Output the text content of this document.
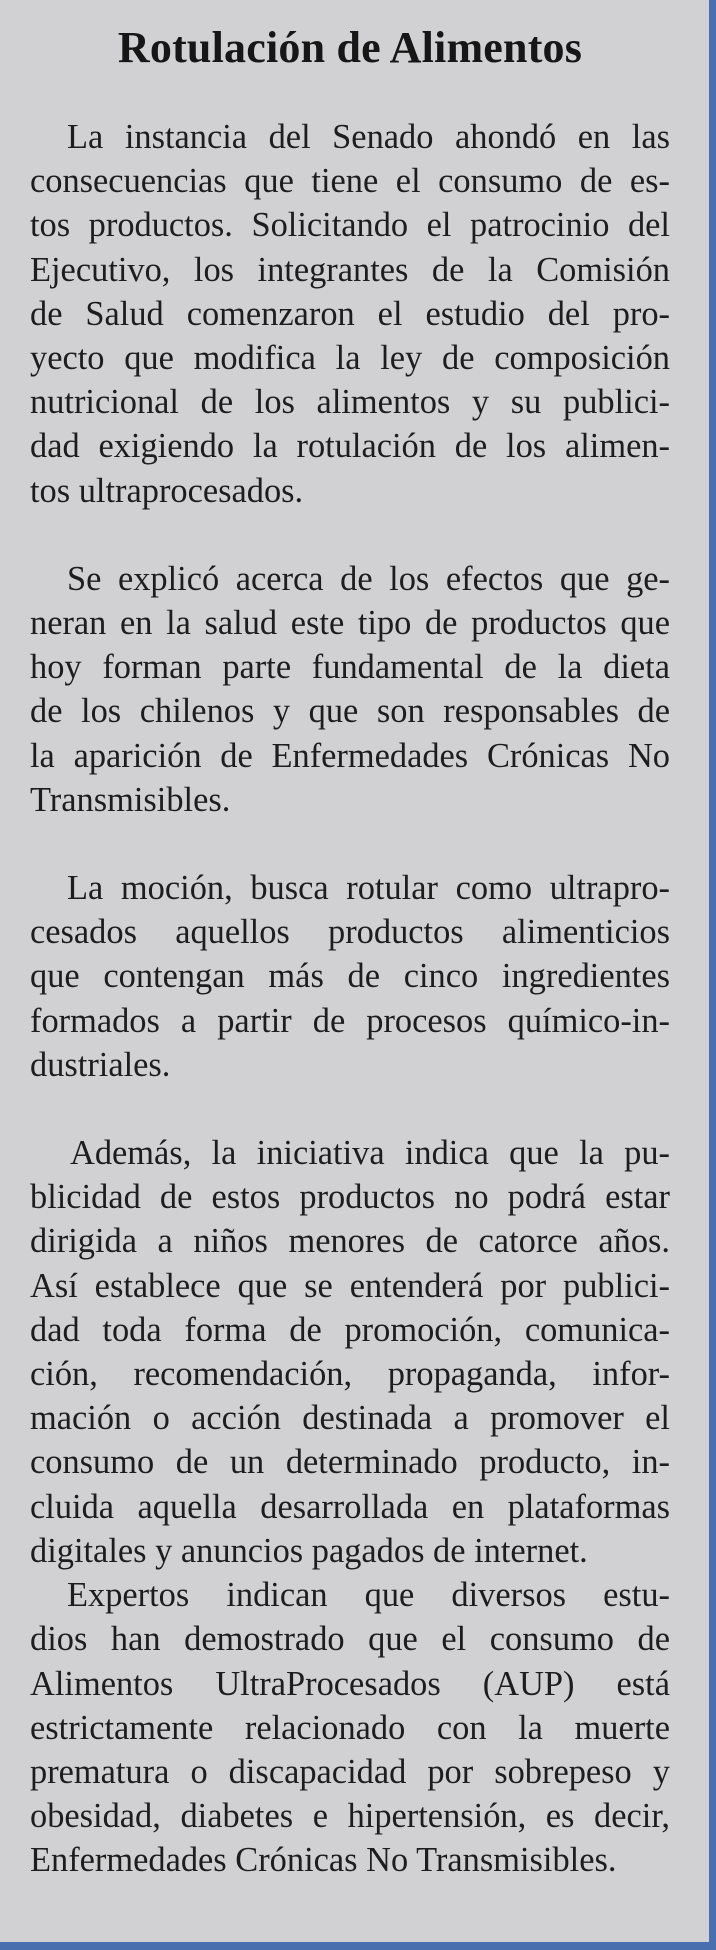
Rotulación de Alimentos

La instancia del Senado ahondó en las
consecuencias que tiene el consumo de es-
tos productos. Solicitando el patrocinio del
Ejecutivo, los integrantes de la Comisión
de Salud comenzaron el estudio del pro-
yecto que modifica la ley de composición
nutricional de los alimentos y su publici-
dad exigiendo la rotulación de los alimen-
tos ultraprocesados.

Se explicó acerca de los efectos que ge-
neran en la salud este tipo de productos que
hoy forman parte fundamental de la dieta
de los chilenos y que son responsables de
la aparición de Enfermedades Crónicas No
Transmisibles.

La moción, busca rotular como ultrapro-
cesados aquellos productos alimenticios
que contengan más de cinco ingredientes
formados a partir de procesos químico-in-
dustriales.

Además, la iniciativa indica que la pu-
blicidad de estos productos no podrá estar
dirigida a niños menores de catorce años.
Así establece que se entenderá por publici-
dad toda forma de promoción, comunica-
ción, recomendación, propaganda, infor-
mación o acción destinada a promover el
consumo de un determinado producto, in-
cluida aquella desarrollada en plataformas
digitales y anuncios pagados de internet.

Expertos indican que diversos estu-
dios han demostrado que el consumo de
Alimentos UltraProcesados (AUP) está
estrictamente relacionado con la muerte
prematura o discapacidad por sobrepeso y
obesidad, diabetes e hipertensión, es decir,
Enfermedades Crónicas No Transmisibles.
